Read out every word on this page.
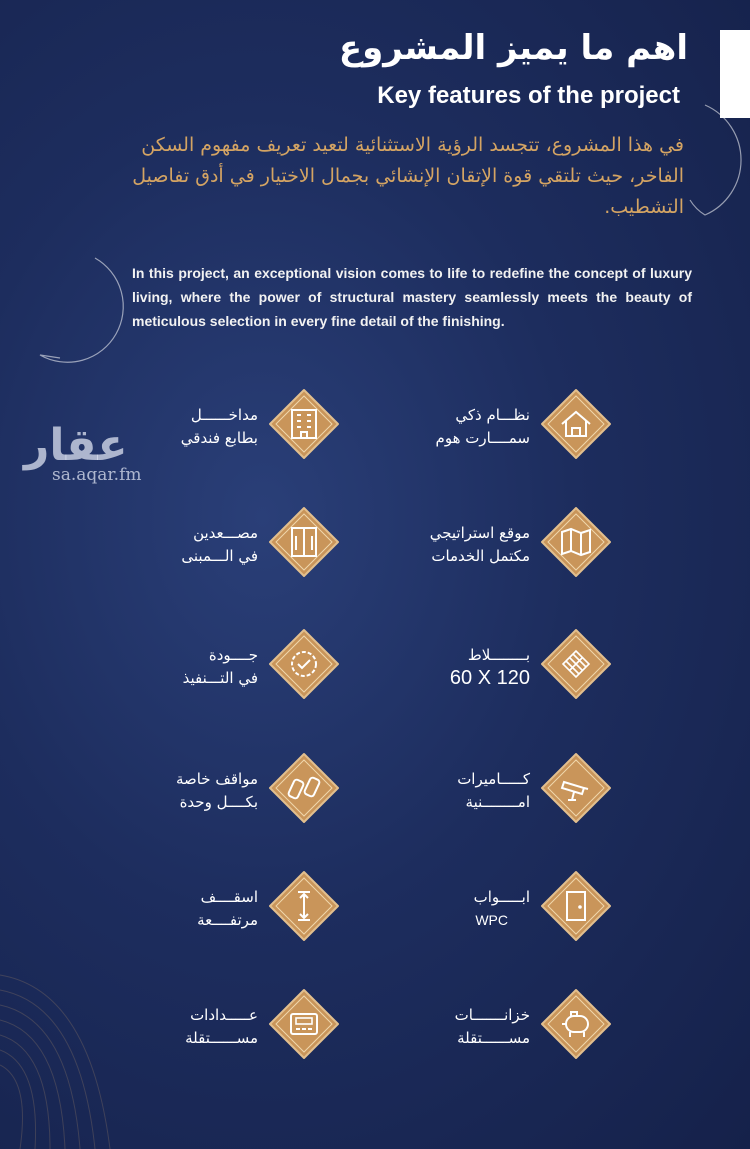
اهم ما يميز المشروع
Key features of the project
في هذا المشروع، تتجسد الرؤية الاستثنائية لتعيد تعريف مفهوم السكن الفاخر، حيث تلتقي قوة الإتقان الإنشائي بجمال الاختيار في أدق تفاصيل التشطيب.
In this project, an exceptional vision comes to life to redefine the concept of luxury living, where the power of structural mastery seamlessly meets the beauty of meticulous selection in every fine detail of the finishing.
عقار
sa.aqar.fm
نظـــام ذكي
سمــــارت هوم
مداخــــــل
بطابع فندقي
موقع استراتيجي
مكتمل الخدمات
مصـــعدين
في الـــمبنى
بــــــــلاط
60 X 120
جــــودة
في التـــنفيذ
كـــــاميرات
امــــــــنية
مواقف خاصة
بكــــل وحدة
ابـــــواب
WPC
اسقــــف
مرتفــــعة
خزانـــــــات
مســــــتقلة
عـــــدادات
مســــــتقلة
